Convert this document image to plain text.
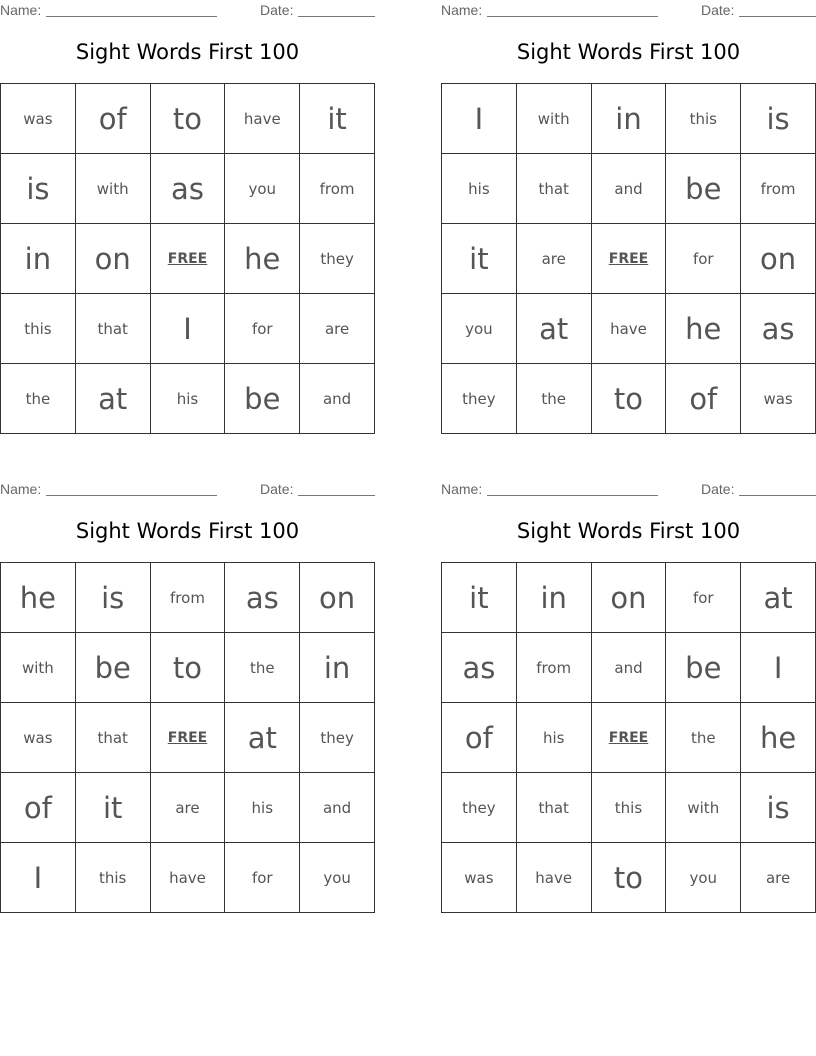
Name:	Date:
Sight Words First 100
was	of	to	have	it
is	with	as	you	from
in	on	FREE	he	they
this	that	I	for	are
the	at	his	be	and
Name:	Date:
Sight Words First 100
I	with	in	this	is
his	that	and	be	from
it	are	FREE	for	on
you	at	have	he	as
they	the	to	of	was
Name:	Date:
Sight Words First 100
he	is	from	as	on
with	be	to	the	in
was	that	FREE	at	they
of	it	are	his	and
I	this	have	for	you
Name:	Date:
Sight Words First 100
it	in	on	for	at
as	from	and	be	I
of	his	FREE	the	he
they	that	this	with	is
was	have	to	you	are
